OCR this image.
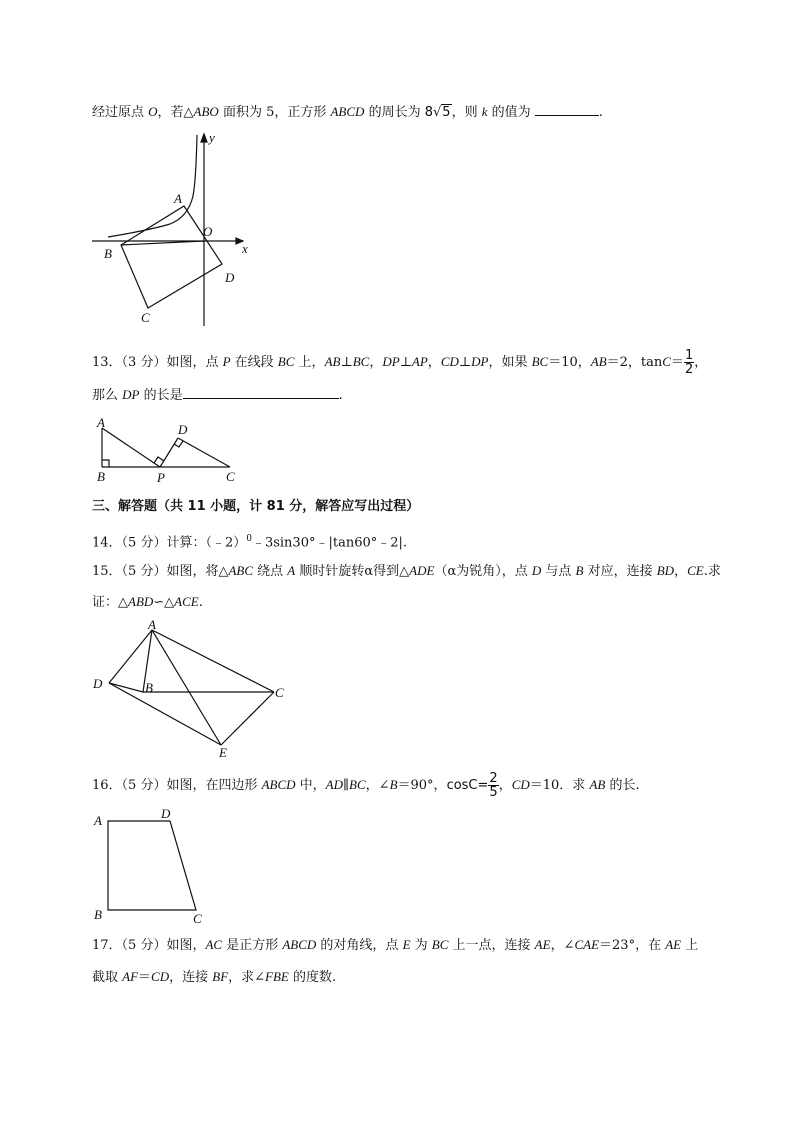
经过原点 O，若△ABO 面积为 5，正方形 ABCD 的周长为 8√5，则 k 的值为	.
y
x
A
O
B
D
C
13．（3 分）如图，点 P 在线段 BC 上，AB⊥BC，DP⊥AP，CD⊥DP，如果 BC＝10，AB＝2，$\tan C= \frac{1}{2}$ ，
那么 DP 的长是	.
A	D
B	P	C
三、解答题（共 11 小题，计 81 分，解答应写出过程）
14．（5 分）计算：（﹣2）$^0$﹣3sin30°﹣|tan60°﹣2|.
15．（5 分）如图，将△ABC 绕点 A 顺时针旋转α得到△ADE（α为锐角），点 D 与点 B 对应，连接 BD，CE.求
证：△ABD∽△ACE.
A
D	B	C
E
16．（5 分）如图，在四边形 ABCD 中，AD∥BC，∠B＝90°，$\cos C= \frac{2}{5}$ ，CD＝10．求 AB 的长.
A	D
B	C
17．（5 分）如图，AC 是正方形 ABCD 的对角线，点 E 为 BC 上一点，连接 AE，∠CAE＝23°，在 AE 上
截取 AF＝CD，连接 BF，求∠FBE 的度数.
